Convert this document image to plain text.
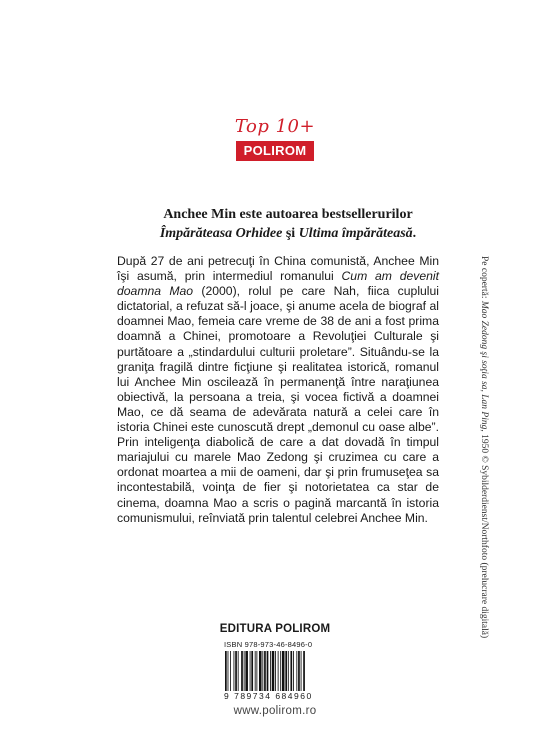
Top 10+
POLIROM
Anchee Min este autoarea bestsellerurilor
Împărăteasa Orhidee şi Ultima împărăteasă.

După 27 de ani petrecuţi în China comunistă, Anchee Min îşi asumă, prin intermediul romanului Cum am devenit doamna Mao (2000), rolul pe care Nah, fiica cuplului dictatorial, a refuzat să-l joace, şi anume acela de biograf al doamnei Mao, femeia care vreme de 38 de ani a fost prima doamnă a Chinei, promotoare a Revoluţiei Culturale şi purtătoare a „stindardului culturii proletare”. Situându-se la graniţa fragilă dintre ficţiune şi realitatea istorică, romanul lui Anchee Min oscilează în permanenţă între naraţiunea obiectivă, la persoana a treia, şi vocea fictivă a doamnei Mao, ce dă seama de adevărata natură a celei care în istoria Chinei este cunoscută drept „demonul cu oase albe”. Prin inteligenţa diabolică de care a dat dovadă în timpul mariajului cu marele Mao Zedong şi cruzimea cu care a ordonat moartea a mii de oameni, dar şi prin frumuseţea sa incontestabilă, voinţa de fier şi notorietatea ca star de cinema, doamna Mao a scris o pagină marcantă în istoria comunismului, reînviată prin talentul celebrei Anchee Min.

EDITURA POLIROM
ISBN 978-973-46-8496-0
9 789734 684960
www.polirom.ro
Pe copertă: Mao Zedong şi soţia sa, Lan Ping, 1950 © Sybilderdienst/Northfoto (prelucrare digitală)
